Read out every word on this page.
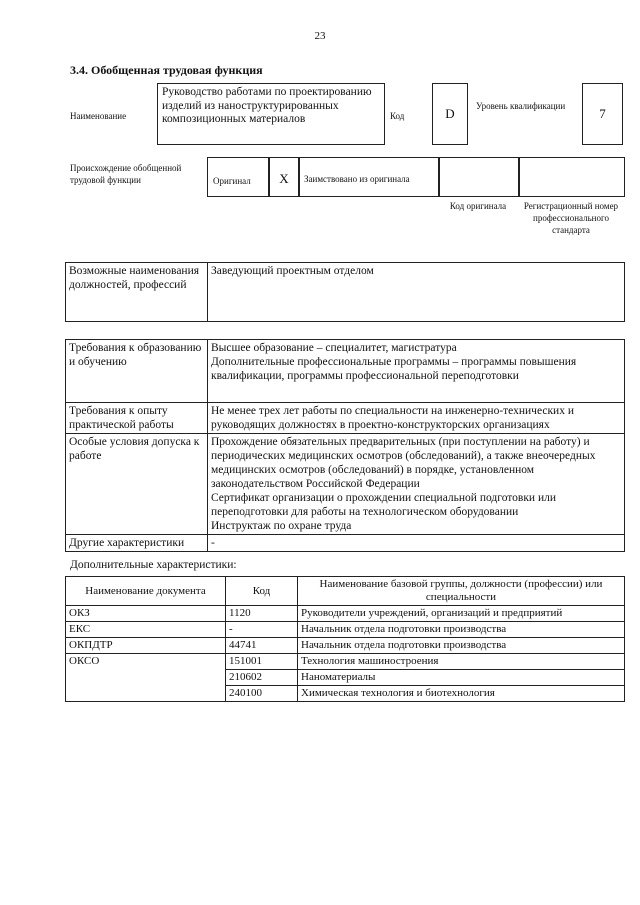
23
3.4. Обобщенная трудовая функция
Наименование
Руководство работами по проектированию изделий из наноструктурированных композиционных материалов	Код	D	Уровень квалификации	7
Происхождение обобщенной трудовой функции	Оригинал	X	Заимствовано из оригинала
Код оригинала	Регистрационный номер профессионального стандарта
Возможные наименования должностей, профессий	Заведующий проектным отделом
Требования к образованию и обучению	Высшее образование – специалитет, магистратура
Дополнительные профессиональные программы – программы повышения квалификации, программы профессиональной переподготовки

Требования к опыту практической работы	Не менее трех лет работы по специальности на инженерно-технических и руководящих должностях в проектно-конструкторских организациях
Особые условия допуска к работе	Прохождение обязательных предварительных (при поступлении на работу) и периодических медицинских осмотров (обследований), а также внеочередных медицинских осмотров (обследований) в порядке, установленном законодательством Российской Федерации
Сертификат организации о прохождении специальной подготовки или переподготовки для работы на технологическом оборудовании
Инструктаж по охране труда

Другие характеристики	-
Дополнительные характеристики:
Наименование документа	Код	Наименование базовой группы, должности (профессии) или специальности
ОКЗ	1120	Руководители учреждений, организаций и предприятий
ЕКС	-	Начальник отдела подготовки производства
ОКПДТР	44741	Начальник отдела подготовки производства
ОКСО	151001	Технология машиностроения
	210602	Наноматериалы
	240100	Химическая технология и биотехнология
